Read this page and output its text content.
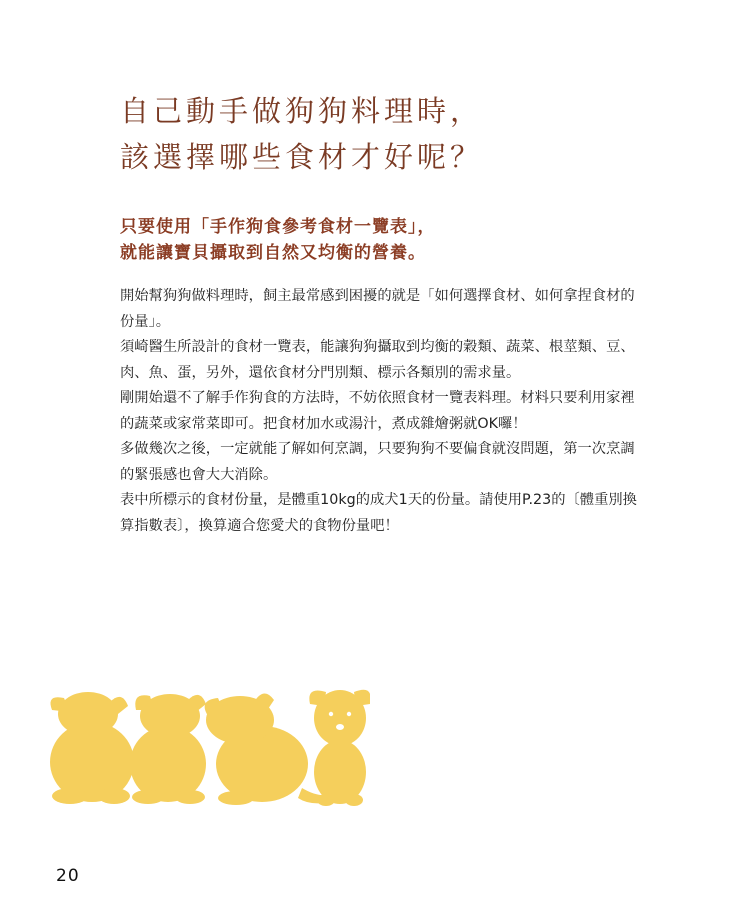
自己動手做狗狗料理時，
該選擇哪些食材才好呢？
只要使用「手作狗食參考食材一覽表」，
就能讓寶貝攝取到自然又均衡的營養。

開始幫狗狗做料理時，飼主最常感到困擾的就是「如何選擇食材、如何拿捏食材的份量」。

須崎醫生所設計的食材一覽表，能讓狗狗攝取到均衡的穀類、蔬菜、根莖類、豆、肉、魚、蛋，另外，還依食材分門別類、標示各類別的需求量。

剛開始還不了解手作狗食的方法時，不妨依照食材一覽表料理。材料只要利用家裡的蔬菜或家常菜即可。把食材加水或湯汁，煮成雜燴粥就OK囉！

多做幾次之後，一定就能了解如何烹調，只要狗狗不要偏食就沒問題，第一次烹調的緊張感也會大大消除。

表中所標示的食材份量，是體重10kg的成犬1天的份量。請使用P.23的〔體重別換算指數表〕，換算適合您愛犬的食物份量吧！

20
